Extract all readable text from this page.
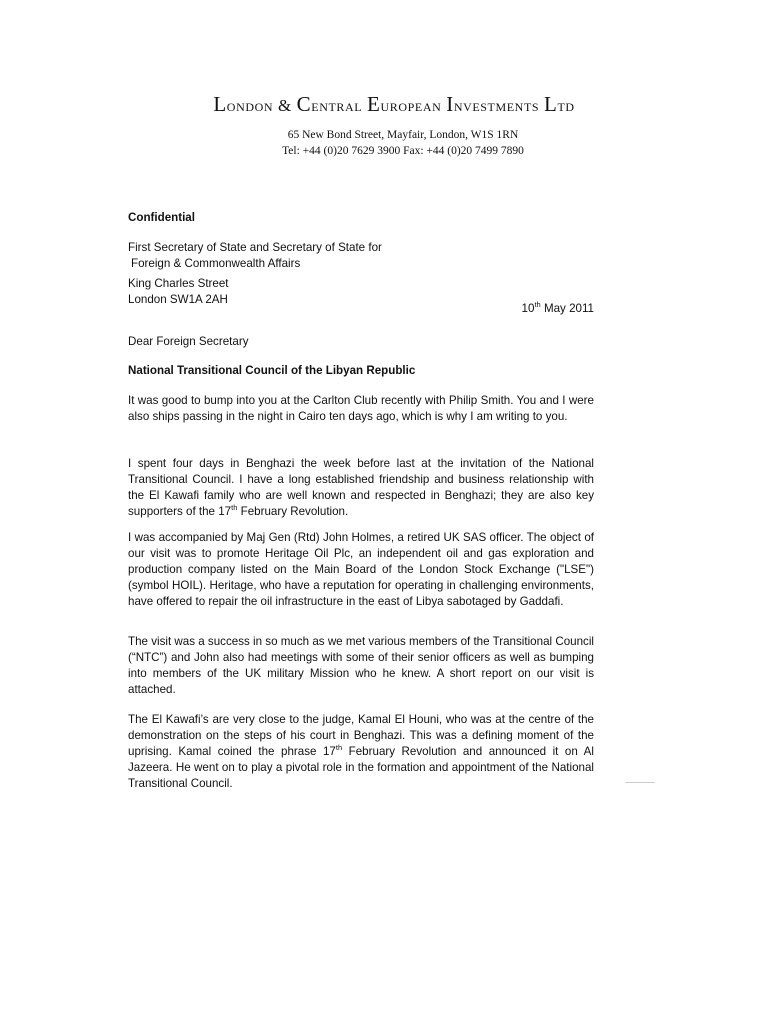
London & Central European Investments Ltd
65 New Bond Street, Mayfair, London, W1S 1RN
Tel: +44 (0)20 7629 3900 Fax: +44 (0)20 7499 7890
Confidential
First Secretary of State and Secretary of State for
Foreign & Commonwealth Affairs
King Charles Street
London SW1A 2AH
10th May 2011
Dear Foreign Secretary
National Transitional Council of the Libyan Republic
It was good to bump into you at the Carlton Club recently with Philip Smith. You and I were also ships passing in the night in Cairo ten days ago, which is why I am writing to you.
I spent four days in Benghazi the week before last at the invitation of the National Transitional Council. I have a long established friendship and business relationship with the El Kawafi family who are well known and respected in Benghazi; they are also key supporters of the 17th February Revolution.
I was accompanied by Maj Gen (Rtd) John Holmes, a retired UK SAS officer. The object of our visit was to promote Heritage Oil Plc, an independent oil and gas exploration and production company listed on the Main Board of the London Stock Exchange ("LSE") (symbol HOIL). Heritage, who have a reputation for operating in challenging environments, have offered to repair the oil infrastructure in the east of Libya sabotaged by Gaddafi.
The visit was a success in so much as we met various members of the Transitional Council (“NTC”) and John also had meetings with some of their senior officers as well as bumping into members of the UK military Mission who he knew. A short report on our visit is attached.
The El Kawafi’s are very close to the judge, Kamal El Houni, who was at the centre of the demonstration on the steps of his court in Benghazi. This was a defining moment of the uprising. Kamal coined the phrase 17th February Revolution and announced it on Al Jazeera. He went on to play a pivotal role in the formation and appointment of the National Transitional Council.
